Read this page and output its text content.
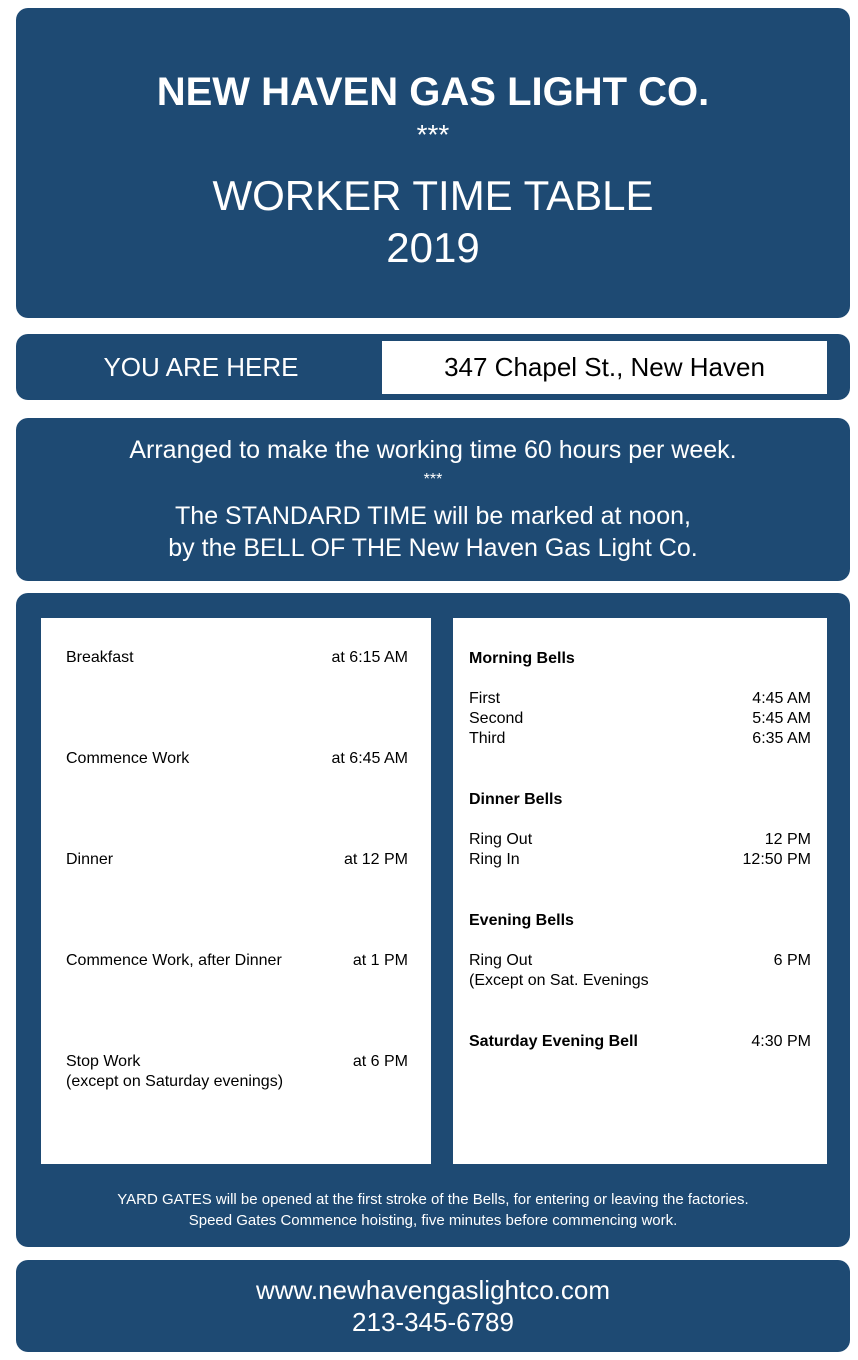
NEW HAVEN GAS LIGHT CO.
***
WORKER TIME TABLE
2019
YOU ARE HERE	347 Chapel St., New Haven
Arranged to make the working time 60 hours per week.
***
The STANDARD TIME will be marked at noon,
by the BELL OF THE New Haven Gas Light Co.
Breakfast	at 6:15 AM
Commence Work	at 6:45 AM
Dinner	at 12 PM
Commence Work, after Dinner	at 1 PM
Stop Work	at 6 PM
(except on Saturday evenings)
Morning Bells
First	4:45 AM
Second	5:45 AM
Third	6:35 AM
Dinner Bells
Ring Out	12 PM
Ring In	12:50 PM
Evening Bells
Ring Out	6 PM
(Except on Sat. Evenings
Saturday Evening Bell	4:30 PM
YARD GATES will be opened at the first stroke of the Bells, for entering or leaving the factories.
Speed Gates Commence hoisting, five minutes before commencing work.
www.newhavengaslightco.com
213-345-6789
